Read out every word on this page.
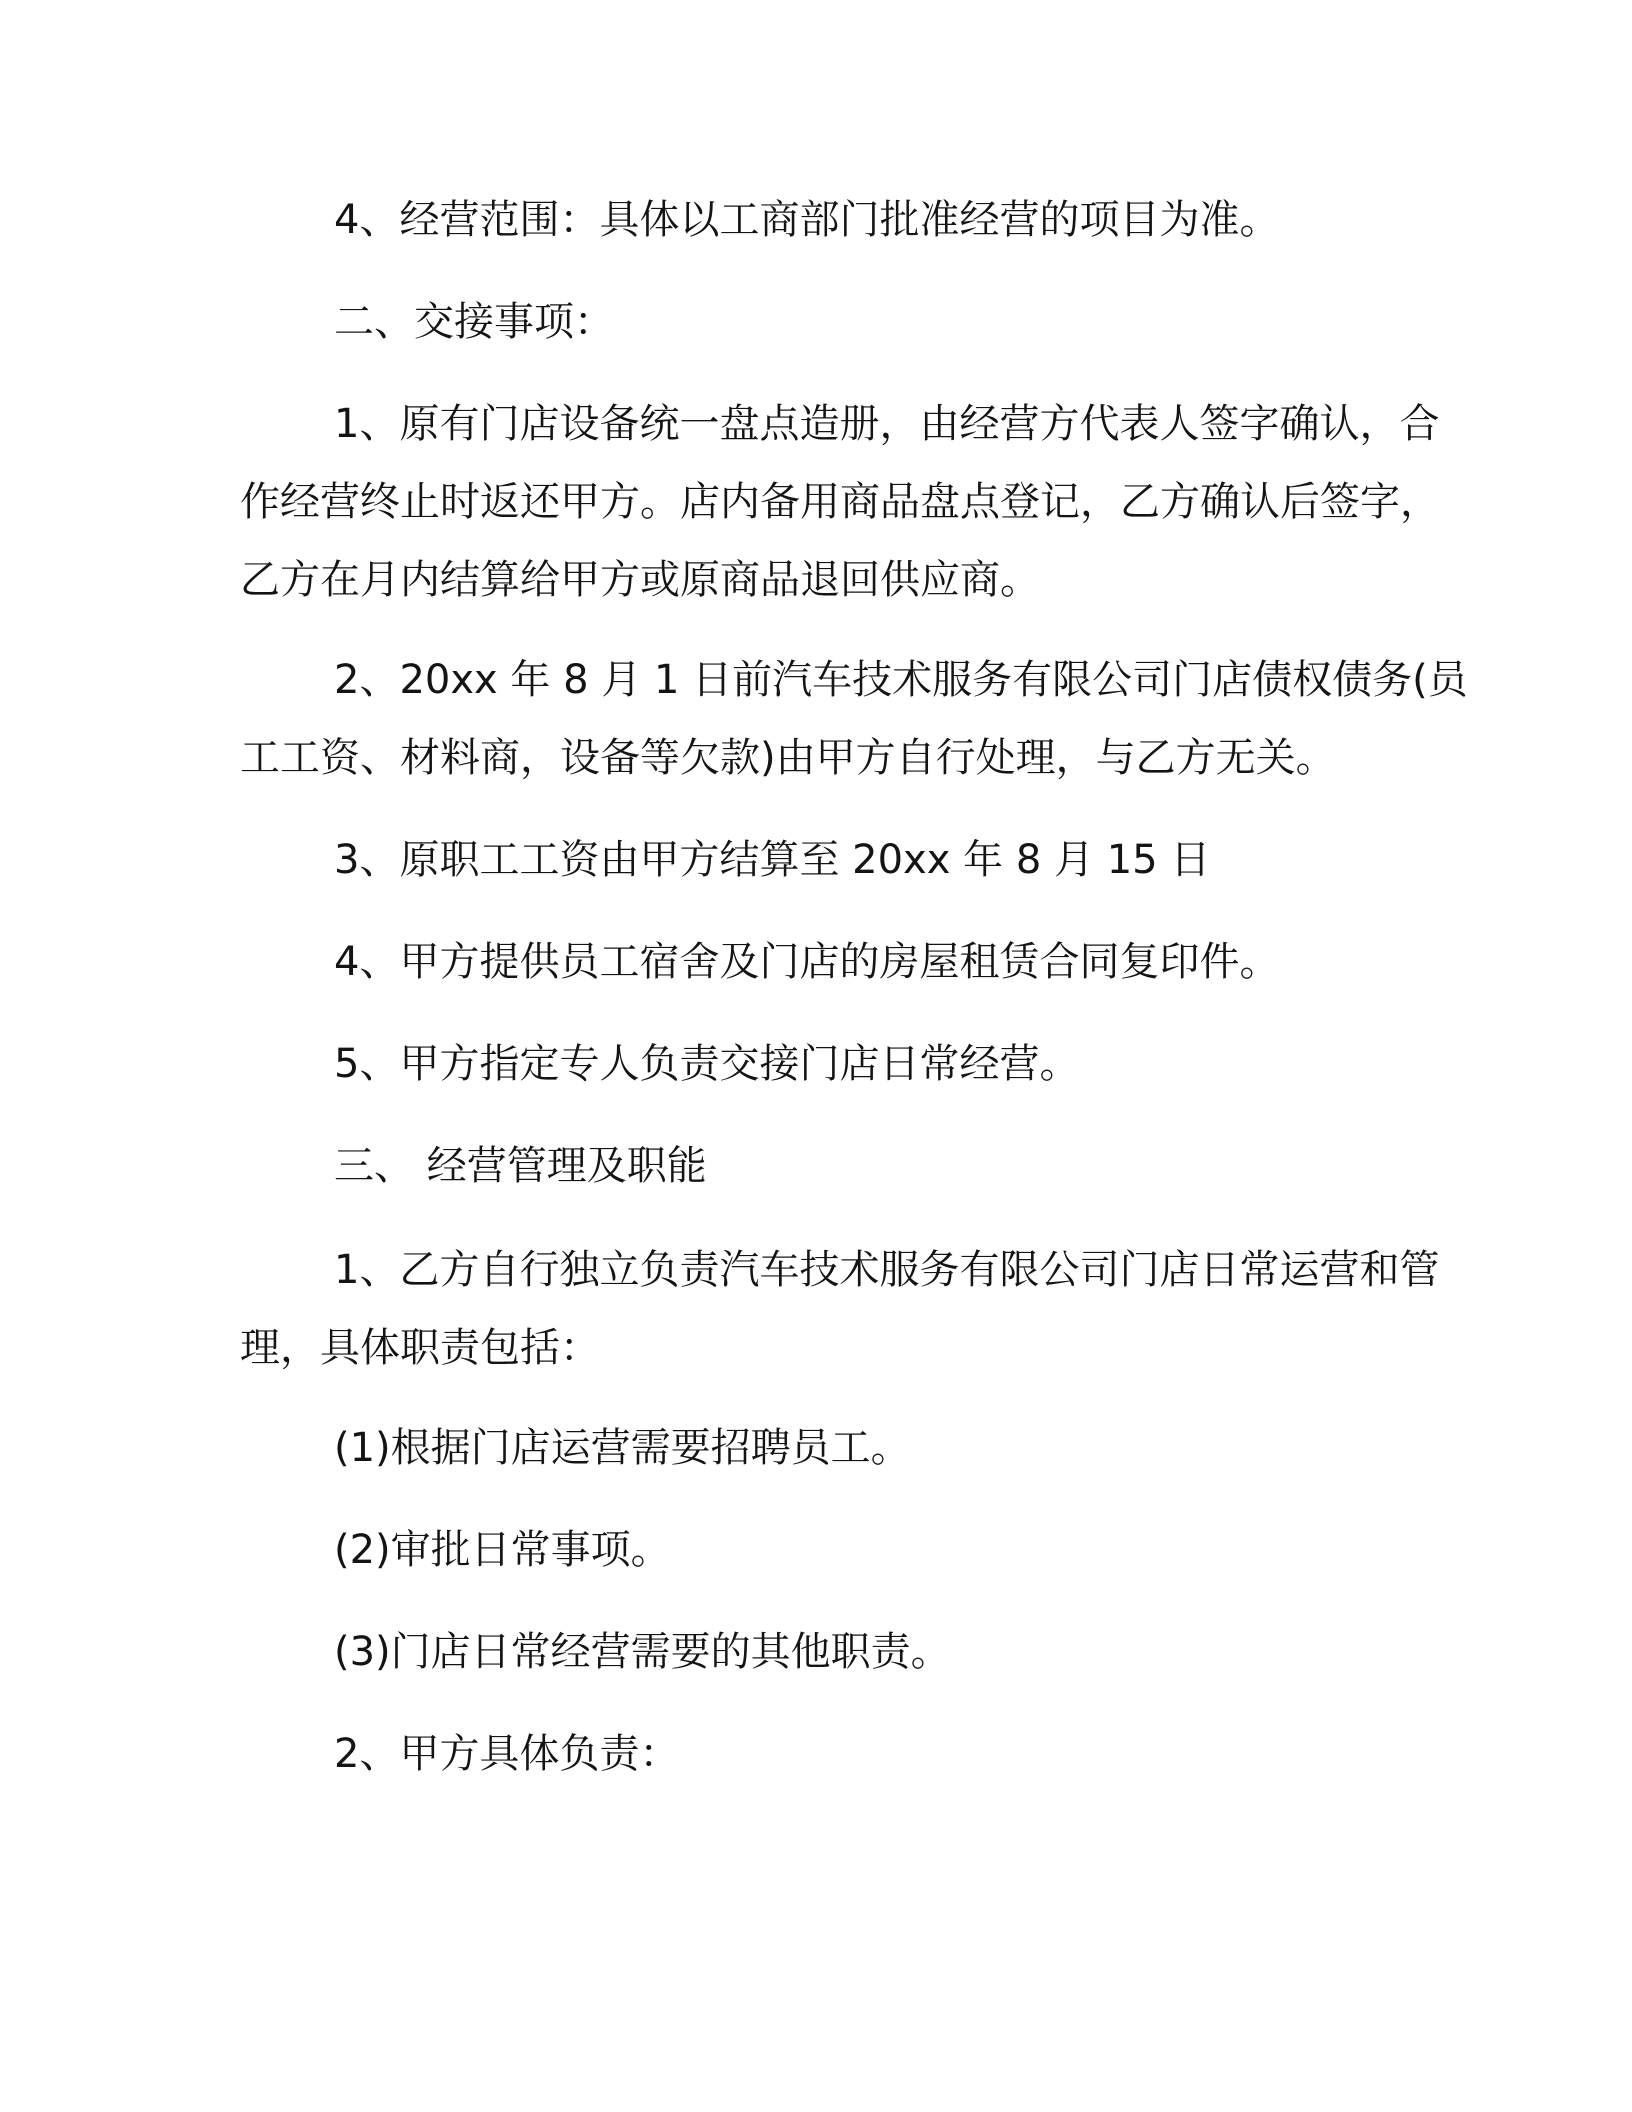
4、经营范围：具体以工商部门批准经营的项目为准。

二、交接事项：

1、原有门店设备统一盘点造册，由经营方代表人签字确认，合

作经营终止时返还甲方。店内备用商品盘点登记，乙方确认后签字，

乙方在月内结算给甲方或原商品退回供应商。

2、20xx 年 8 月 1 日前汽车技术服务有限公司门店债权债务(员

工工资、材料商，设备等欠款)由甲方自行处理，与乙方无关。

3、原职工工资由甲方结算至 20xx 年 8 月 15 日

4、甲方提供员工宿舍及门店的房屋租赁合同复印件。

5、甲方指定专人负责交接门店日常经营。

三、 经营管理及职能

1、乙方自行独立负责汽车技术服务有限公司门店日常运营和管

理，具体职责包括：

(1)根据门店运营需要招聘员工。

(2)审批日常事项。

(3)门店日常经营需要的其他职责。

2、甲方具体负责：
